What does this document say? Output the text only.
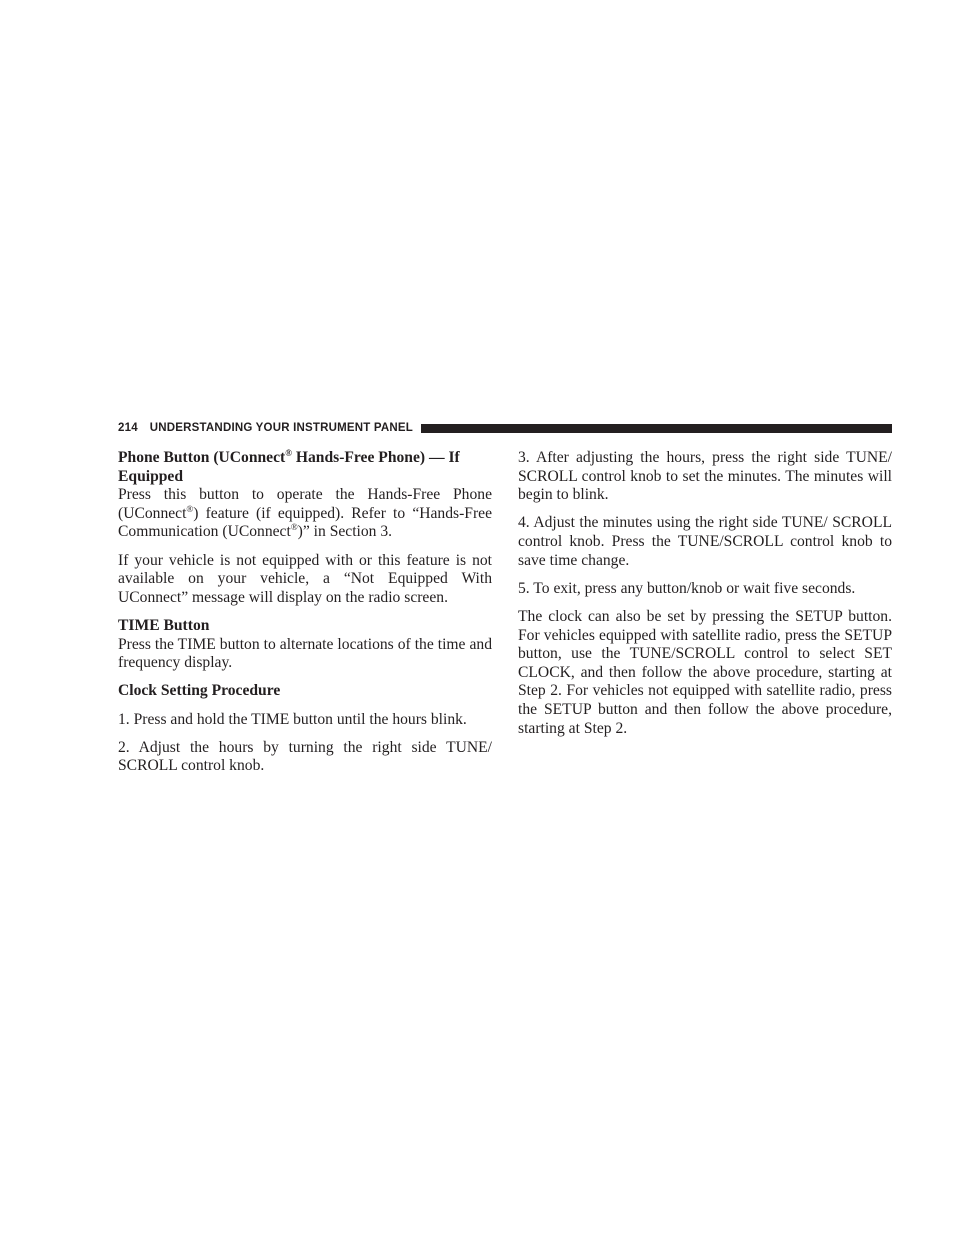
214 UNDERSTANDING YOUR INSTRUMENT PANEL

Phone Button (UConnect® Hands-Free Phone) — If Equipped

Press this button to operate the Hands-Free Phone (UConnect®) feature (if equipped). Refer to “Hands-Free Communication (UConnect®)” in Section 3.

If your vehicle is not equipped with or this feature is not available on your vehicle, a “Not Equipped With UConnect” message will display on the radio screen.

TIME Button

Press the TIME button to alternate locations of the time and frequency display.

Clock Setting Procedure

1. Press and hold the TIME button until the hours blink.

2. Adjust the hours by turning the right side TUNE/ SCROLL control knob.

3. After adjusting the hours, press the right side TUNE/ SCROLL control knob to set the minutes. The minutes will begin to blink.

4. Adjust the minutes using the right side TUNE/ SCROLL control knob. Press the TUNE/SCROLL control knob to save time change.

5. To exit, press any button/knob or wait five seconds.

The clock can also be set by pressing the SETUP button. For vehicles equipped with satellite radio, press the SETUP button, use the TUNE/SCROLL control to select SET CLOCK, and then follow the above procedure, starting at Step 2. For vehicles not equipped with satellite radio, press the SETUP button and then follow the above procedure, starting at Step 2.
